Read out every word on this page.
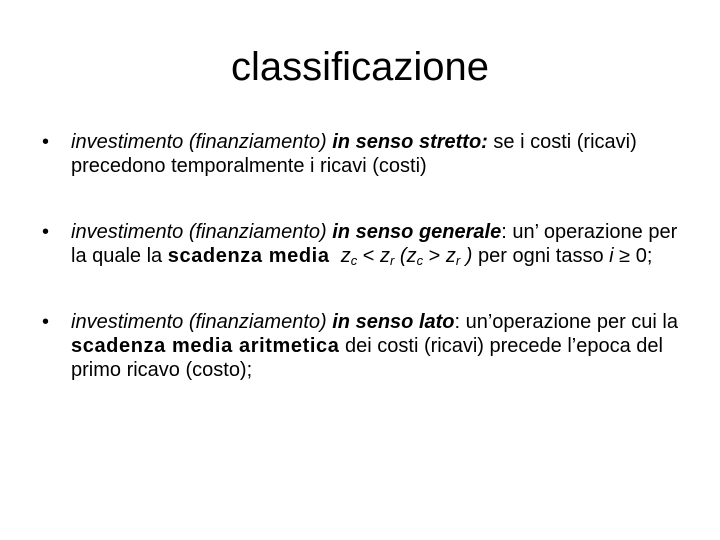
classificazione
• investimento (finanziamento) in senso stretto: se i costi (ricavi) precedono temporalmente i ricavi (costi)
• investimento (finanziamento) in senso generale: un’ operazione per la quale la scadenza media $z_c < z_r$ ($z_c > z_r$ ) per ogni tasso i ≥ 0;
• investimento (finanziamento) in senso lato: un’operazione per cui la scadenza media aritmetica dei costi (ricavi) precede l’epoca del primo ricavo (costo);
